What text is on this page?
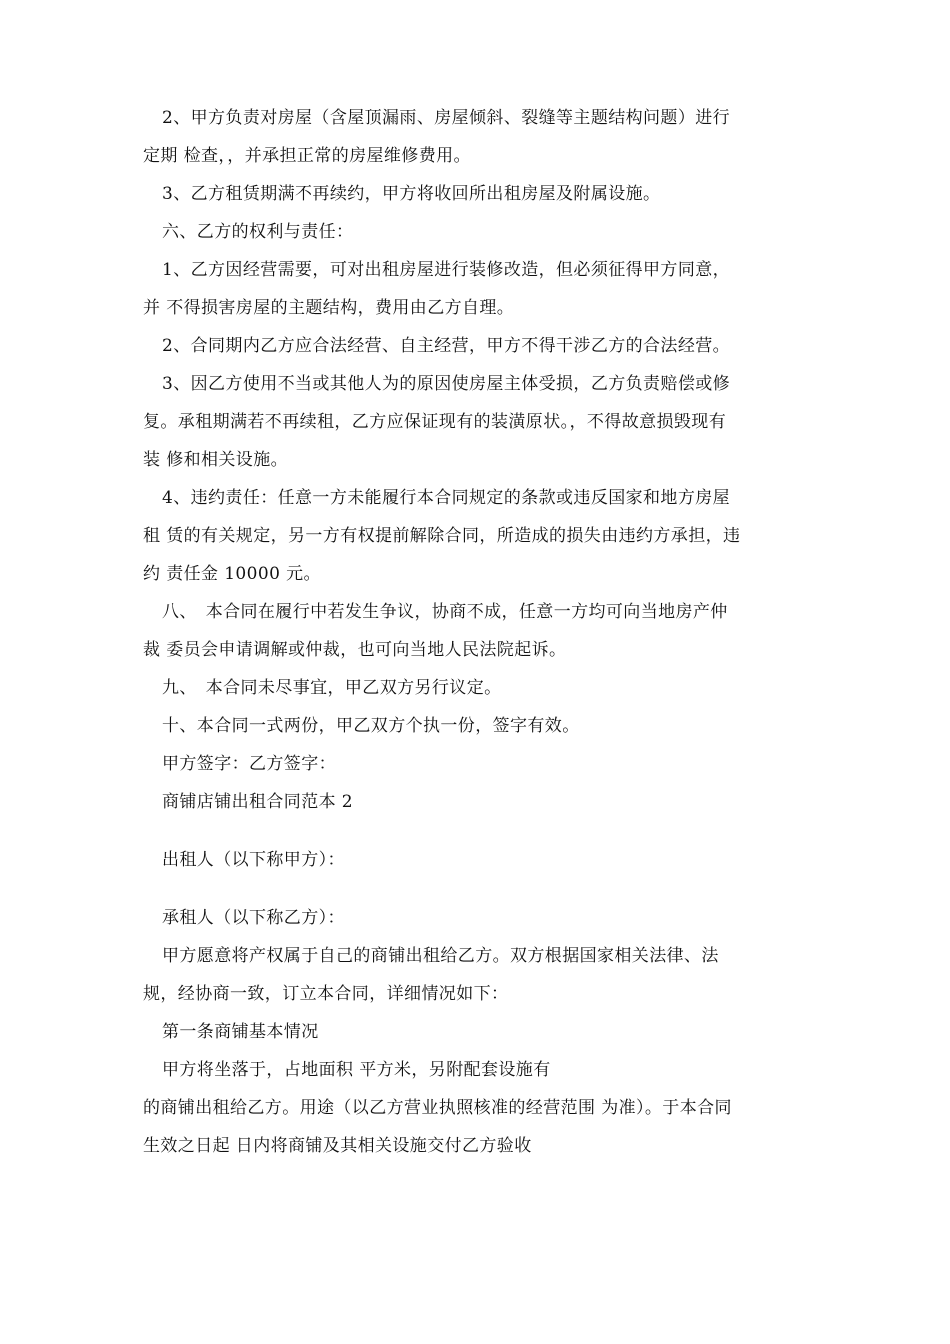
2、甲方负责对房屋（含屋顶漏雨、房屋倾斜、裂缝等主题结构问题）进行
定期 检查，，并承担正常的房屋维修费用。
3、乙方租赁期满不再续约，甲方将收回所出租房屋及附属设施。
六、乙方的权利与责任：
1、乙方因经营需要，可对出租房屋进行装修改造，但必须征得甲方同意，
并 不得损害房屋的主题结构，费用由乙方自理。
2、合同期内乙方应合法经营、自主经营，甲方不得干涉乙方的合法经营。
3、因乙方使用不当或其他人为的原因使房屋主体受损，乙方负责赔偿或修
复。承租期满若不再续租，乙方应保证现有的装潢原状。，不得故意损毁现有
装 修和相关设施。
4、违约责任：任意一方未能履行本合同规定的条款或违反国家和地方房屋
租 赁的有关规定，另一方有权提前解除合同，所造成的损失由违约方承担，违
约 责任金 10000 元。
八、　本合同在履行中若发生争议，协商不成，任意一方均可向当地房产仲
裁 委员会申请调解或仲裁，也可向当地人民法院起诉。
九、　本合同未尽事宜，甲乙双方另行议定。
十、本合同一式两份，甲乙双方个执一份，签字有效。
甲方签字：乙方签字：
商铺店铺出租合同范本 2
出租人（以下称甲方）：
承租人（以下称乙方）：
甲方愿意将产权属于自己的商铺出租给乙方。双方根据国家相关法律、法
规，经协商一致，订立本合同，详细情况如下：
第一条商铺基本情况
甲方将坐落于，占地面积 平方米，另附配套设施有
的商铺出租给乙方。用途（以乙方营业执照核准的经营范围 为准）。于本合同
生效之日起 日内将商铺及其相关设施交付乙方验收
